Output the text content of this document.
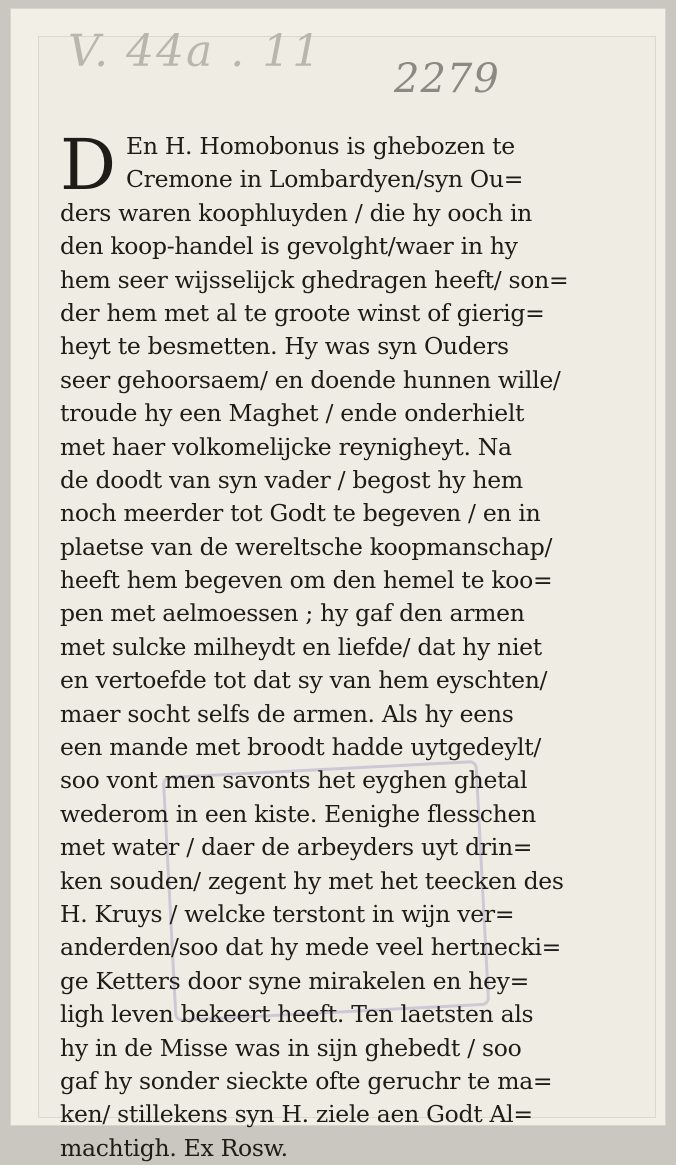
V. 44a . 11
2279
D En H. Homobonus is ghebozen te
Cremone in Lombardyen/syn Ou=
ders waren koophluyden / die hy ooch in
den koop-handel is gevolght/waer in hy
hem seer wijsselijck ghedragen heeft/ son=
der hem met al te groote winst of gierig=
heyt te besmetten. Hy was syn Ouders
seer gehoorsaem/ en doende hunnen wille/
troude hy een Maghet / ende onderhielt
met haer volkomelijcke reynigheyt. Na
de doodt van syn vader / begost hy hem
noch meerder tot Godt te begeven / en in
plaetse van de wereltsche koopmanschap/
heeft hem begeven om den hemel te koo=
pen met aelmoessen ; hy gaf den armen
met sulcke milheydt en liefde/ dat hy niet
en vertoefde tot dat sy van hem eyschten/
maer socht selfs de armen. Als hy eens
een mande met broodt hadde uytgedeylt/
soo vont men savonts het eyghen ghetal
wederom in een kiste. Eenighe flesschen
met water / daer de arbeyders uyt drin=
ken souden/ zegent hy met het teecken des
H. Kruys / welcke terstont in wijn ver=
anderden/soo dat hy mede veel hertnecki=
ge Ketters door syne mirakelen en hey=
ligh leven bekeert heeft. Ten laetsten als
hy in de Misse was in sijn ghebedt / soo
gaf hy sonder sieckte ofte geruchr te ma=
ken/ stillekens syn H. ziele aen Godt Al=
machtigh. Ex Rosw.
